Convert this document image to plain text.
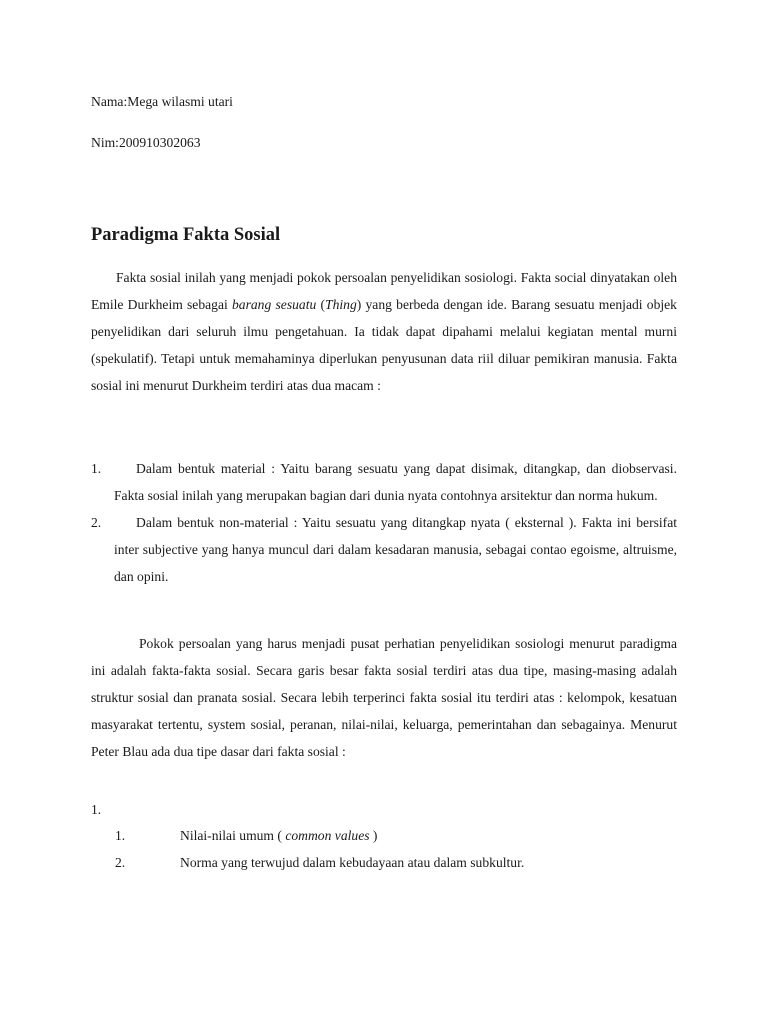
Nama:Mega wilasmi utari

Nim:200910302063

Paradigma Fakta Sosial

Fakta sosial inilah yang menjadi pokok persoalan penyelidikan sosiologi. Fakta social dinyatakan oleh Emile Durkheim sebagai barang sesuatu (Thing) yang berbeda dengan ide. Barang sesuatu menjadi objek penyelidikan dari seluruh ilmu pengetahuan. Ia tidak dapat dipahami melalui kegiatan mental murni (spekulatif). Tetapi untuk memahaminya diperlukan penyusunan data riil diluar pemikiran manusia. Fakta sosial ini menurut Durkheim terdiri atas dua macam :

1.	Dalam bentuk material : Yaitu barang sesuatu yang dapat disimak, ditangkap, dan diobservasi. Fakta sosial inilah yang merupakan bagian dari dunia nyata contohnya arsitektur dan norma hukum.
2.	Dalam bentuk non-material : Yaitu sesuatu yang ditangkap nyata ( eksternal ). Fakta ini bersifat inter subjective yang hanya muncul dari dalam kesadaran manusia, sebagai contao egoisme, altruisme, dan opini.

Pokok persoalan yang harus menjadi pusat perhatian penyelidikan sosiologi menurut paradigma ini adalah fakta-fakta sosial. Secara garis besar fakta sosial terdiri atas dua tipe, masing-masing adalah struktur sosial dan pranata sosial. Secara lebih terperinci fakta sosial itu terdiri atas : kelompok, kesatuan masyarakat tertentu, system sosial, peranan, nilai-nilai, keluarga, pemerintahan dan sebagainya. Menurut Peter Blau ada dua tipe dasar dari fakta sosial :

1.

1.	Nilai-nilai umum ( common values )
2.	Norma yang terwujud dalam kebudayaan atau dalam subkultur.
